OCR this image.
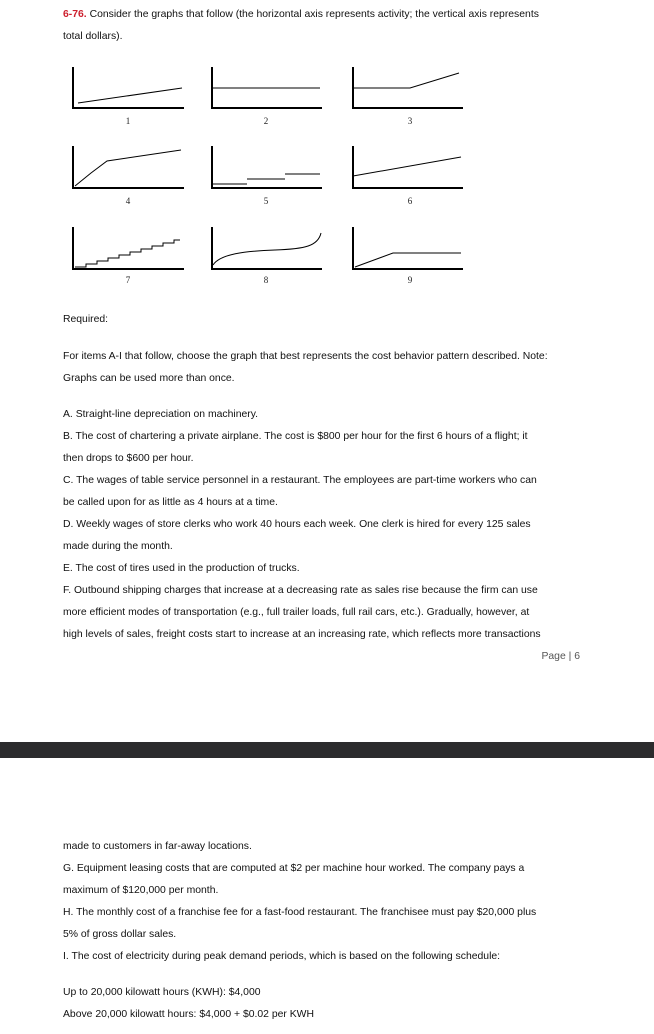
6-76. Consider the graphs that follow (the horizontal axis represents activity; the vertical axis represents
total dollars).
1	2	3
4	5	6
7	8	9
Required:
For items A-I that follow, choose the graph that best represents the cost behavior pattern described. Note:
Graphs can be used more than once.
A. Straight-line depreciation on machinery.
B. The cost of chartering a private airplane. The cost is $800 per hour for the first 6 hours of a flight; it
then drops to $600 per hour.
C. The wages of table service personnel in a restaurant. The employees are part-time workers who can
be called upon for as little as 4 hours at a time.
D. Weekly wages of store clerks who work 40 hours each week. One clerk is hired for every 125 sales
made during the month.
E. The cost of tires used in the production of trucks.
F. Outbound shipping charges that increase at a decreasing rate as sales rise because the firm can use
more efficient modes of transportation (e.g., full trailer loads, full rail cars, etc.). Gradually, however, at
high levels of sales, freight costs start to increase at an increasing rate, which reflects more transactions
Page | 6
made to customers in far-away locations.
G. Equipment leasing costs that are computed at $2 per machine hour worked. The company pays a
maximum of $120,000 per month.
H. The monthly cost of a franchise fee for a fast-food restaurant. The franchisee must pay $20,000 plus
5% of gross dollar sales.
I. The cost of electricity during peak demand periods, which is based on the following schedule:
Up to 20,000 kilowatt hours (KWH): $4,000
Above 20,000 kilowatt hours: $4,000 + $0.02 per KWH
